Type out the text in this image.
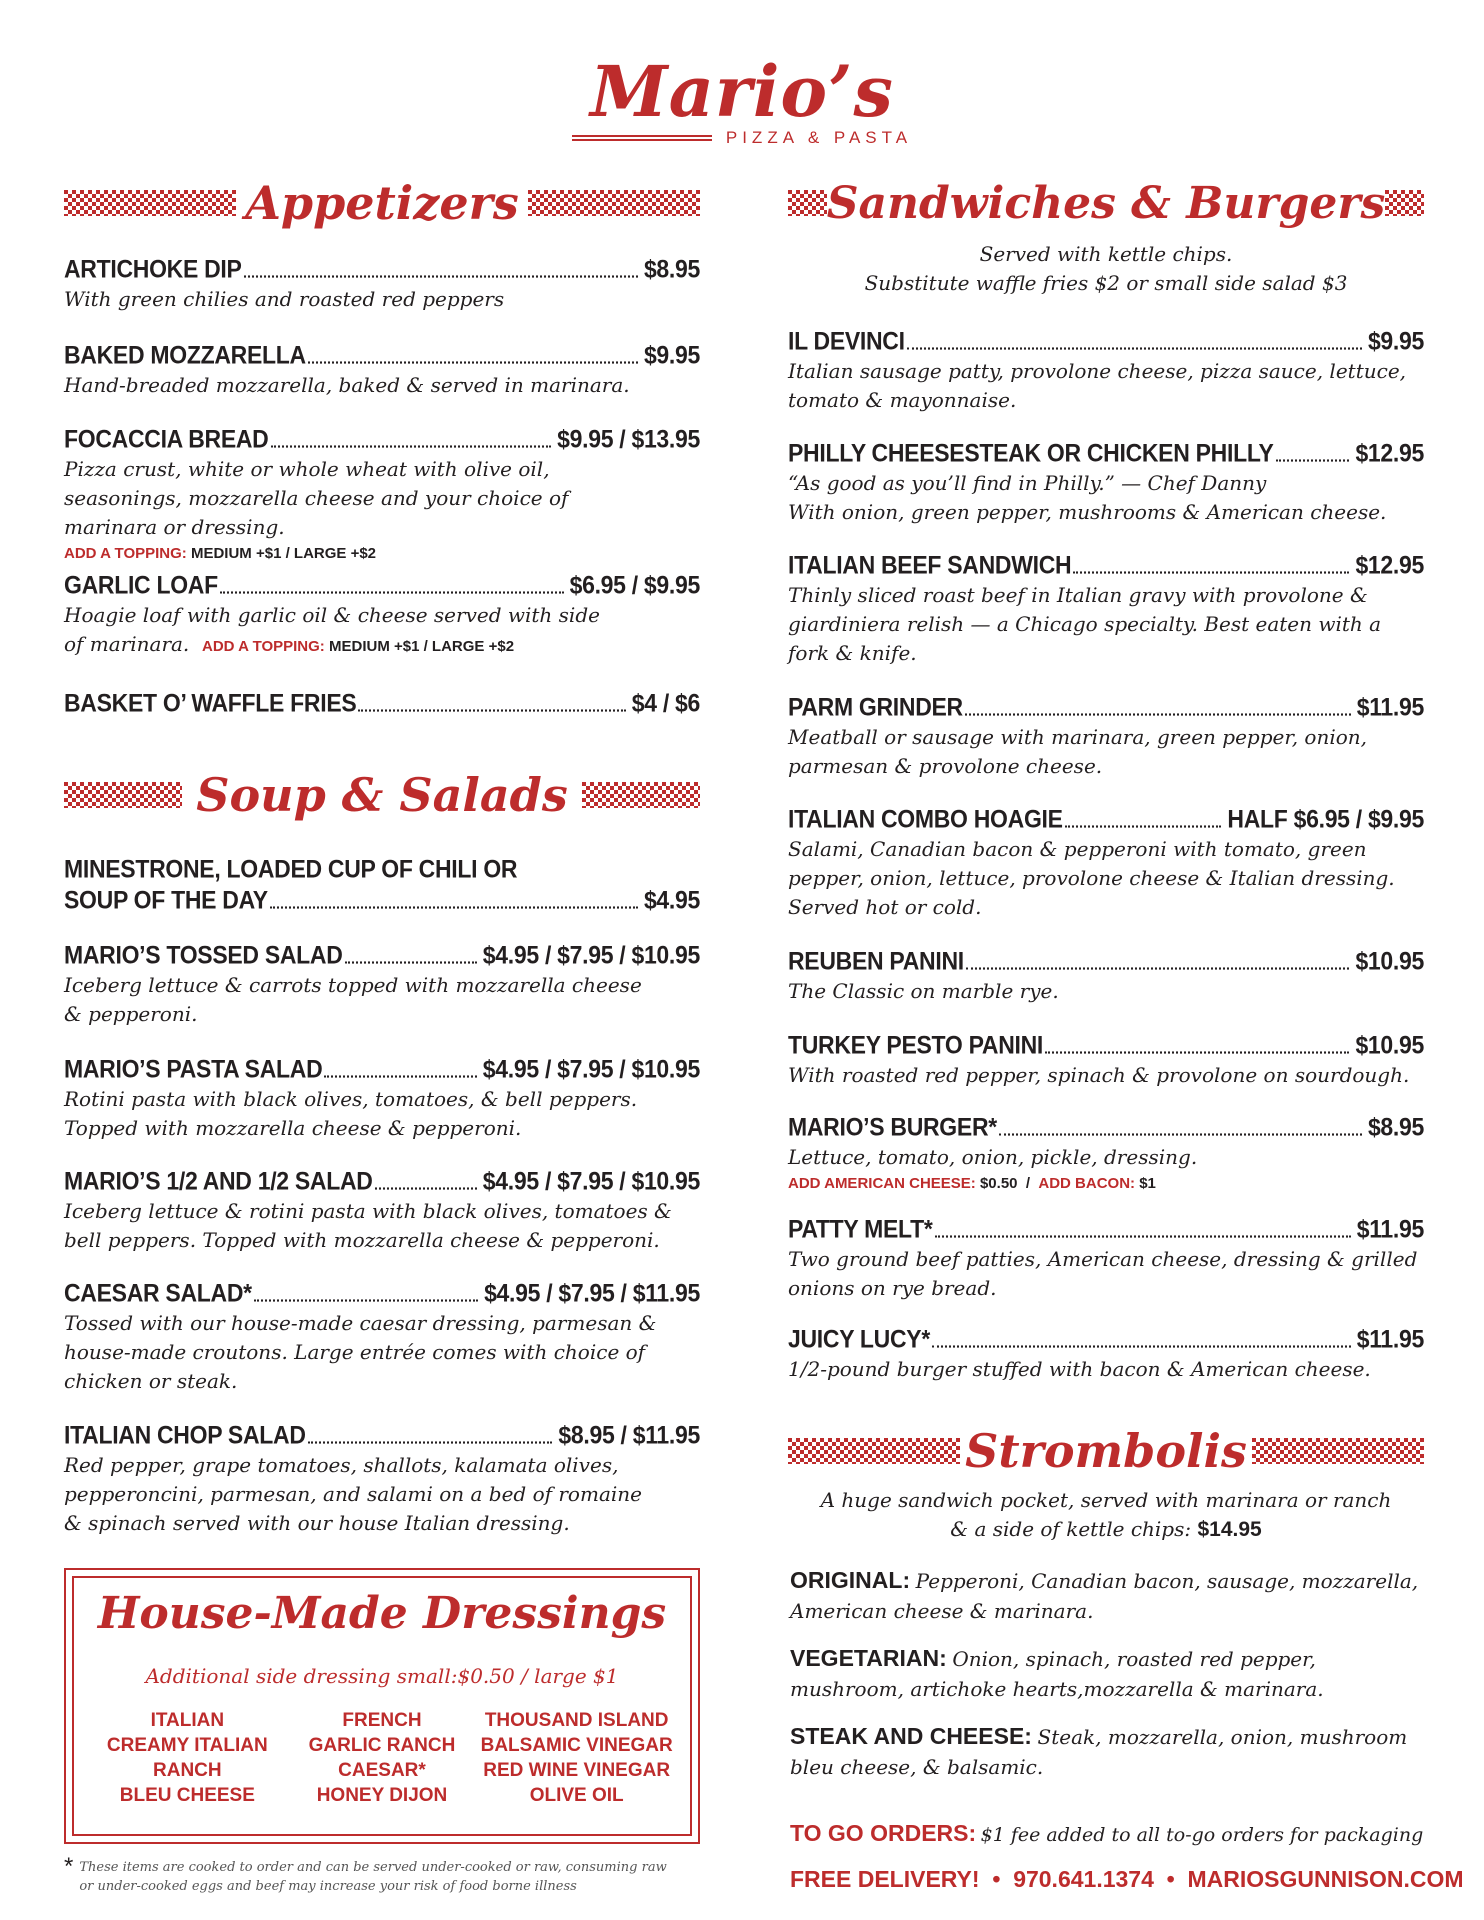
Mario’s
PIZZA & PASTA
Appetizers
ARTICHOKE DIP	$8.95
With green chilies and roasted red peppers
BAKED MOZZARELLA	$9.95
Hand-breaded mozzarella, baked & served in marinara.
FOCACCIA BREAD	$9.95 / $13.95
Pizza crust, white or whole wheat with olive oil, seasonings, mozzarella cheese and your choice of marinara or dressing.
ADD A TOPPING: MEDIUM +$1 / LARGE +$2
GARLIC LOAF	$6.95 / $9.95
Hoagie loaf with garlic oil & cheese served with side
of marinara. ADD A TOPPING: MEDIUM +$1 / LARGE +$2
BASKET O’ WAFFLE FRIES	$4 / $6
Soup & Salads
MINESTRONE, LOADED CUP OF CHILI OR
SOUP OF THE DAY	$4.95
MARIO’S TOSSED SALAD	$4.95 / $7.95 / $10.95
Iceberg lettuce & carrots topped with mozzarella cheese & pepperoni.
MARIO’S PASTA SALAD	$4.95 / $7.95 / $10.95
Rotini pasta with black olives, tomatoes, & bell peppers. Topped with mozzarella cheese & pepperoni.
MARIO’S 1/2 AND 1/2 SALAD	$4.95 / $7.95 / $10.95
Iceberg lettuce & rotini pasta with black olives, tomatoes & bell peppers. Topped with mozzarella cheese & pepperoni.
CAESAR SALAD*	$4.95 / $7.95 / $11.95
Tossed with our house-made caesar dressing, parmesan & house-made croutons. Large entrée comes with choice of chicken or steak.
ITALIAN CHOP SALAD	$8.95 / $11.95
Red pepper, grape tomatoes, shallots, kalamata olives, pepperoncini, parmesan, and salami on a bed of romaine & spinach served with our house Italian dressing.
House-Made Dressings
Additional side dressing small:$0.50 / large $1
ITALIAN	FRENCH	THOUSAND ISLAND
CREAMY ITALIAN	GARLIC RANCH	BALSAMIC VINEGAR
RANCH	CAESAR*	RED WINE VINEGAR
BLEU CHEESE	HONEY DIJON	OLIVE OIL
* These items are cooked to order and can be served under-cooked or raw, consuming raw or under-cooked eggs and beef may increase your risk of food borne illness
Sandwiches & Burgers
Served with kettle chips.
Substitute waffle fries $2 or small side salad $3
IL DEVINCI	$9.95
Italian sausage patty, provolone cheese, pizza sauce, lettuce, tomato & mayonnaise.
PHILLY CHEESESTEAK OR CHICKEN PHILLY	$12.95
“As good as you’ll find in Philly.” — Chef Danny
With onion, green pepper, mushrooms & American cheese.
ITALIAN BEEF SANDWICH	$12.95
Thinly sliced roast beef in Italian gravy with provolone & giardiniera relish — a Chicago specialty. Best eaten with a fork & knife.
PARM GRINDER	$11.95
Meatball or sausage with marinara, green pepper, onion, parmesan & provolone cheese.
ITALIAN COMBO HOAGIE	HALF $6.95 / $9.95
Salami, Canadian bacon & pepperoni with tomato, green pepper, onion, lettuce, provolone cheese & Italian dressing. Served hot or cold.
REUBEN PANINI	$10.95
The Classic on marble rye.
TURKEY PESTO PANINI	$10.95
With roasted red pepper, spinach & provolone on sourdough.
MARIO’S BURGER*	$8.95
Lettuce, tomato, onion, pickle, dressing.
ADD AMERICAN CHEESE: $0.50 / ADD BACON: $1
PATTY MELT*	$11.95
Two ground beef patties, American cheese, dressing & grilled onions on rye bread.
JUICY LUCY*	$11.95
1/2-pound burger stuffed with bacon & American cheese.
Strombolis
A huge sandwich pocket, served with marinara or ranch
& a side of kettle chips: $14.95
ORIGINAL: Pepperoni, Canadian bacon, sausage, mozzarella, American cheese & marinara.
VEGETARIAN: Onion, spinach, roasted red pepper, mushroom, artichoke hearts,mozzarella & marinara.
STEAK AND CHEESE: Steak, mozzarella, onion, mushroom bleu cheese, & balsamic.
TO GO ORDERS: $1 fee added to all to-go orders for packaging
FREE DELIVERY! • 970.641.1374 • MARIOSGUNNISON.COM
